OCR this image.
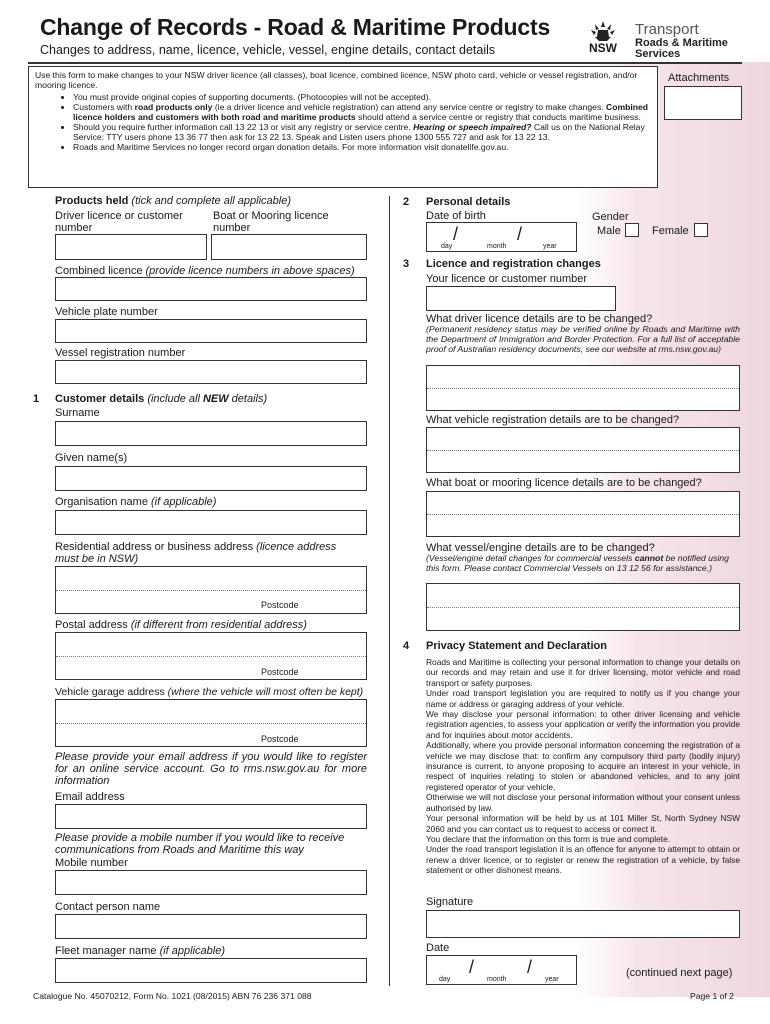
Change of Records - Road & Maritime Products
Changes to address, name, licence, vehicle, vessel, engine details, contact details	NSW
Transport
Roads & Maritime
Services
Use this form to make changes to your NSW driver licence (all classes), boat licence, combined licence, NSW photo card, vehicle or vessel registration, and/or mooring licence.
• You must provide original copies of supporting documents. (Photocopies will not be accepted).
• Customers with road products only (ie a driver licence and vehicle registration) can attend any service centre or registry to make changes. Combined licence holders and customers with both road and maritime products should attend a service centre or registry that conducts maritime business.
• Should you require further information call 13 22 13 or visit any registry or service centre. Hearing or speech impaired? Call us on the National Relay Service: TTY users phone 13 36 77 then ask for 13 22 13. Speak and Listen users phone 1300 555 727 and ask for 13 22 13.
• Roads and Maritime Services no longer record organ donation details. For more information visit donatelife.gov.au.
Attachments
Products held (tick and complete all applicable)
Driver licence or customer
number
Boat or Mooring licence
number
Combined licence (provide licence numbers in above spaces)
Vehicle plate number
Vessel registration number
1 Customer details (include all NEW details)
Surname
Given name(s)
Organisation name (if applicable)
Residential address or business address (licence address
must be in NSW)
Postcode
Postal address (if different from residential address)
Postcode
Vehicle garage address (where the vehicle will most often be kept)
Postcode
Please provide your email address if you would like to register for an online service account. Go to rms.nsw.gov.au for more information
Email address
Please provide a mobile number if you would like to receive communications from Roads and Maritime this way
Mobile number
Contact person name
Fleet manager name (if applicable)
2 Personal details
Date of birth
/	/
day	month	year
Gender
Male	Female
3 Licence and registration changes
Your licence or customer number
What driver licence details are to be changed?
(Permanent residency status may be verified online by Roads and Maritime with the Department of Immigration and Border Protection. For a full list of acceptable proof of Australian residency documents, see our website at rms.nsw.gov.au)
What vehicle registration details are to be changed?
What boat or mooring licence details are to be changed?
What vessel/engine details are to be changed?
(Vessel/engine detail changes for commercial vessels cannot be notified using this form. Please contact Commercial Vessels on 13 12 56 for assistance.)
4 Privacy Statement and Declaration

Roads and Maritime is collecting your personal information to change your details on our records and may retain and use it for driver licensing, motor vehicle and road transport or safety purposes.

Under road transport legislation you are required to notify us if you change your name or address or garaging address of your vehicle.

We may disclose your personal information: to other driver licensing and vehicle registration agencies, to assess your application or verify the information you provide and for inquiries about motor accidents.

Additionally, where you provide personal information concerning the registration of a vehicle we may disclose that: to confirm any compulsory third party (bodily injury) insurance is current, to anyone proposing to acquire an interest in your vehicle, in respect of inquiries relating to stolen or abandoned vehicles, and to any joint registered operator of your vehicle.

Otherwise we will not disclose your personal information without your consent unless authorised by law.

Your personal information will be held by us at 101 Miller St, North Sydney NSW 2060 and you can contact us to request to access or correct it.

You declare that the information on this form is true and complete.

Under the road transport legislation it is an offence for anyone to attempt to obtain or renew a driver licence, or to register or renew the registration of a vehicle, by false statement or other dishonest means.

Signature
Date
/	/
day	month	year
(continued next page)
Catalogue No. 45070212, Form No. 1021 (08/2015) ABN 76 236 371 088	Page 1 of 2
